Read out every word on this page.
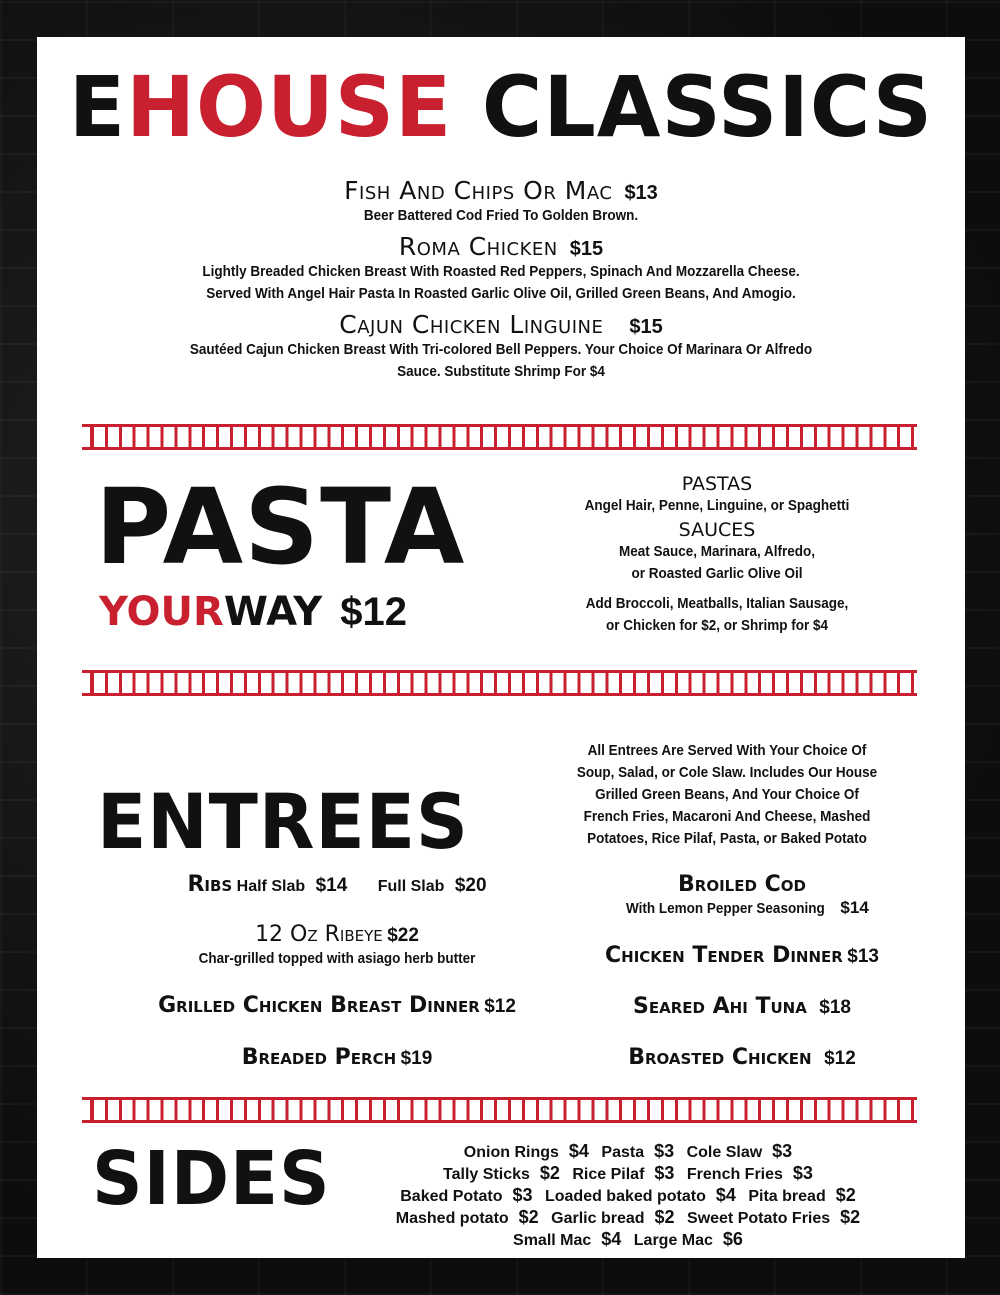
EHOUSE CLASSICS
Fish And Chips Or Mac $13
Beer Battered Cod Fried To Golden Brown.
Roma Chicken $15
Lightly Breaded Chicken Breast With Roasted Red Peppers, Spinach And Mozzarella Cheese.
Served With Angel Hair Pasta In Roasted Garlic Olive Oil, Grilled Green Beans, And Amogio.
Cajun Chicken Linguine $15
Sautéed Cajun Chicken Breast With Tri-colored Bell Peppers. Your Choice Of Marinara Or Alfredo
Sauce. Substitute Shrimp For $4
PASTA
YOURWAY $12
PASTAS
Angel Hair, Penne, Linguine, or Spaghetti
SAUCES
Meat Sauce, Marinara, Alfredo,
or Roasted Garlic Olive Oil
Add Broccoli, Meatballs, Italian Sausage,
or Chicken for $2, or Shrimp for $4
ENTREES
All Entrees Are Served With Your Choice Of
Soup, Salad, or Cole Slaw. Includes Our House
Grilled Green Beans, And Your Choice Of
French Fries, Macaroni And Cheese, Mashed
Potatoes, Rice Pilaf, Pasta, or Baked Potato
Ribs Half Slab $14 Full Slab $20
12 Oz Ribeye $22
Char-grilled topped with asiago herb butter
Grilled Chicken Breast Dinner $12
Breaded Perch $19
Broiled Cod
With Lemon Pepper Seasoning $14
Chicken Tender Dinner $13
Seared Ahi Tuna $18
Broasted Chicken $12
SIDES	Onion Rings $4 Pasta $3 Cole Slaw $3
Tally Sticks $2 Rice Pilaf $3 French Fries $3
Baked Potato $3 Loaded baked potato $4 Pita bread $2
Mashed potato $2 Garlic bread $2 Sweet Potato Fries $2
Small Mac $4 Large Mac $6
